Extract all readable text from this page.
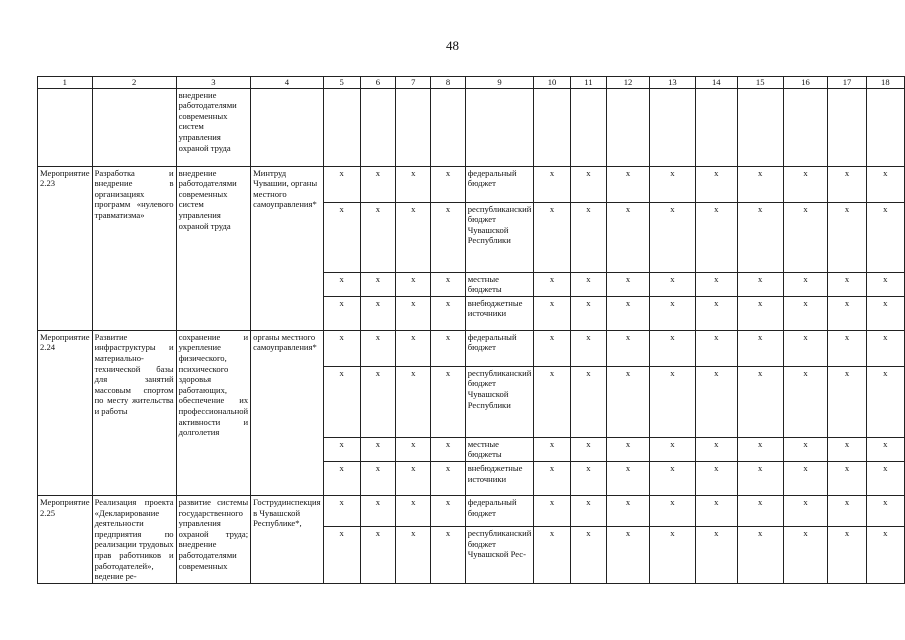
48
1	2	3	4	5	6	7	8	9	10	11	12	13	14	15	16	17	18
		внедрение работодателями современных систем управления охраной труда															
Мероприятие 2.23	Разработка и внедрение в организациях программ «нулевого травматизма»	внедрение работодателями современных систем управления охраной труда	Минтруд Чувашии, органы местного самоуправления*	x	x	x	x	федеральный бюджет	x	x	x	x	x	x	x	x	x
				x	x	x	x	республиканский бюджет Чувашской Республики	x	x	x	x	x	x	x	x	x
				x	x	x	x	местные бюджеты	x	x	x	x	x	x	x	x	x
				x	x	x	x	внебюджетные источники	x	x	x	x	x	x	x	x	x
Мероприятие 2.24	Развитие инфраструктуры и материально-технической базы для занятий массовым спортом по месту жительства и работы	сохранение и укрепление физического, психического здоровья работающих, обеспечение их профессиональной активности и долголетия	органы местного самоуправления*	x	x	x	x	федеральный бюджет	x	x	x	x	x	x	x	x	x
				x	x	x	x	республиканский бюджет Чувашской Республики	x	x	x	x	x	x	x	x	x
				x	x	x	x	местные бюджеты	x	x	x	x	x	x	x	x	x
				x	x	x	x	внебюджетные источники	x	x	x	x	x	x	x	x	x
Мероприятие 2.25	Реализация проекта «Декларирование деятельности предприятия по реализации трудовых прав работников и работодателей», ведение ре-	развитие системы государственного управления охраной труда; внедрение работодателями современных	Гострудинспекция в Чувашской Республике*,	x	x	x	x	федеральный бюджет	x	x	x	x	x	x	x	x	x
				x	x	x	x	республиканский бюджет Чувашской Рес-	x	x	x	x	x	x	x	x	x
